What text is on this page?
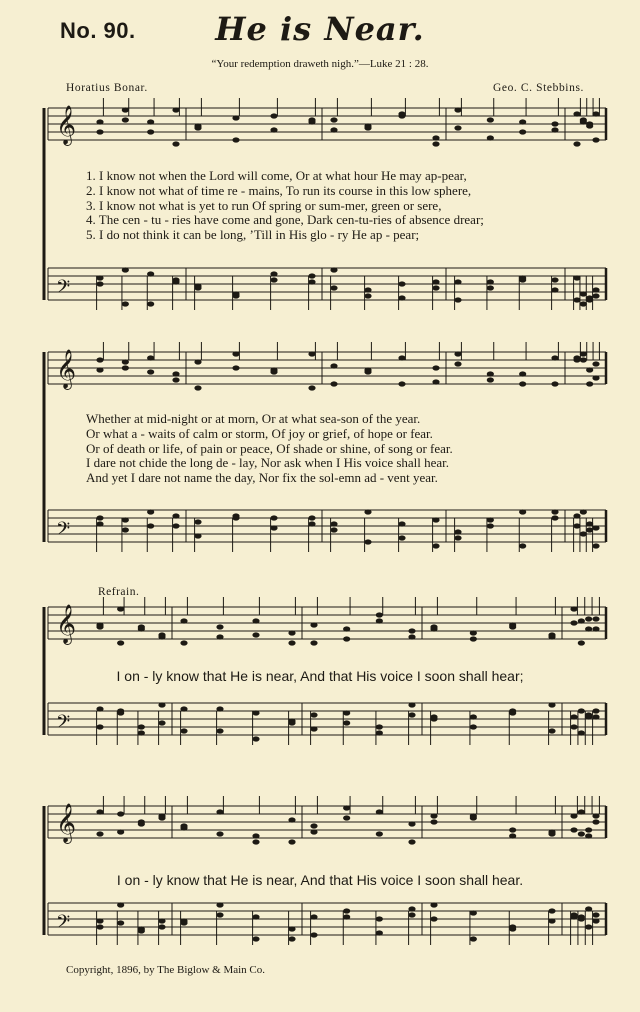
𝄞
𝄢
𝄞
𝄢
𝄞
𝄢
𝄞
𝄢
No. 90.	He is Near.
“Your redemption draweth nigh.”—Luke 21 : 28.
Horatius Bonar.	Geo. C. Stebbins.
1. I know not when the Lord will come, Or at what hour He may ap-pear,
2. I know not what of time re - mains, To run its course in this low sphere,
3. I know not what is yet to run Of spring or sum-mer, green or sere,
4. The cen - tu - ries have come and gone, Dark cen-tu-ries of absence drear;
5. I do not think it can be long, ’Till in His glo - ry He ap - pear;
Whether at mid-night or at morn, Or at what sea-son of the year.
Or what a - waits of calm or storm, Of joy or grief, of hope or fear.
Or of death or life, of pain or peace, Of shade or shine, of song or fear.
I dare not chide the long de - lay, Nor ask when I His voice shall hear.
And yet I dare not name the day, Nor fix the sol-emn ad - vent year.
Refrain.
I on - ly know that He is near, And that His voice I soon shall hear;
I on - ly know that He is near, And that His voice I soon shall hear.
Copyright, 1896, by The Biglow & Main Co.
